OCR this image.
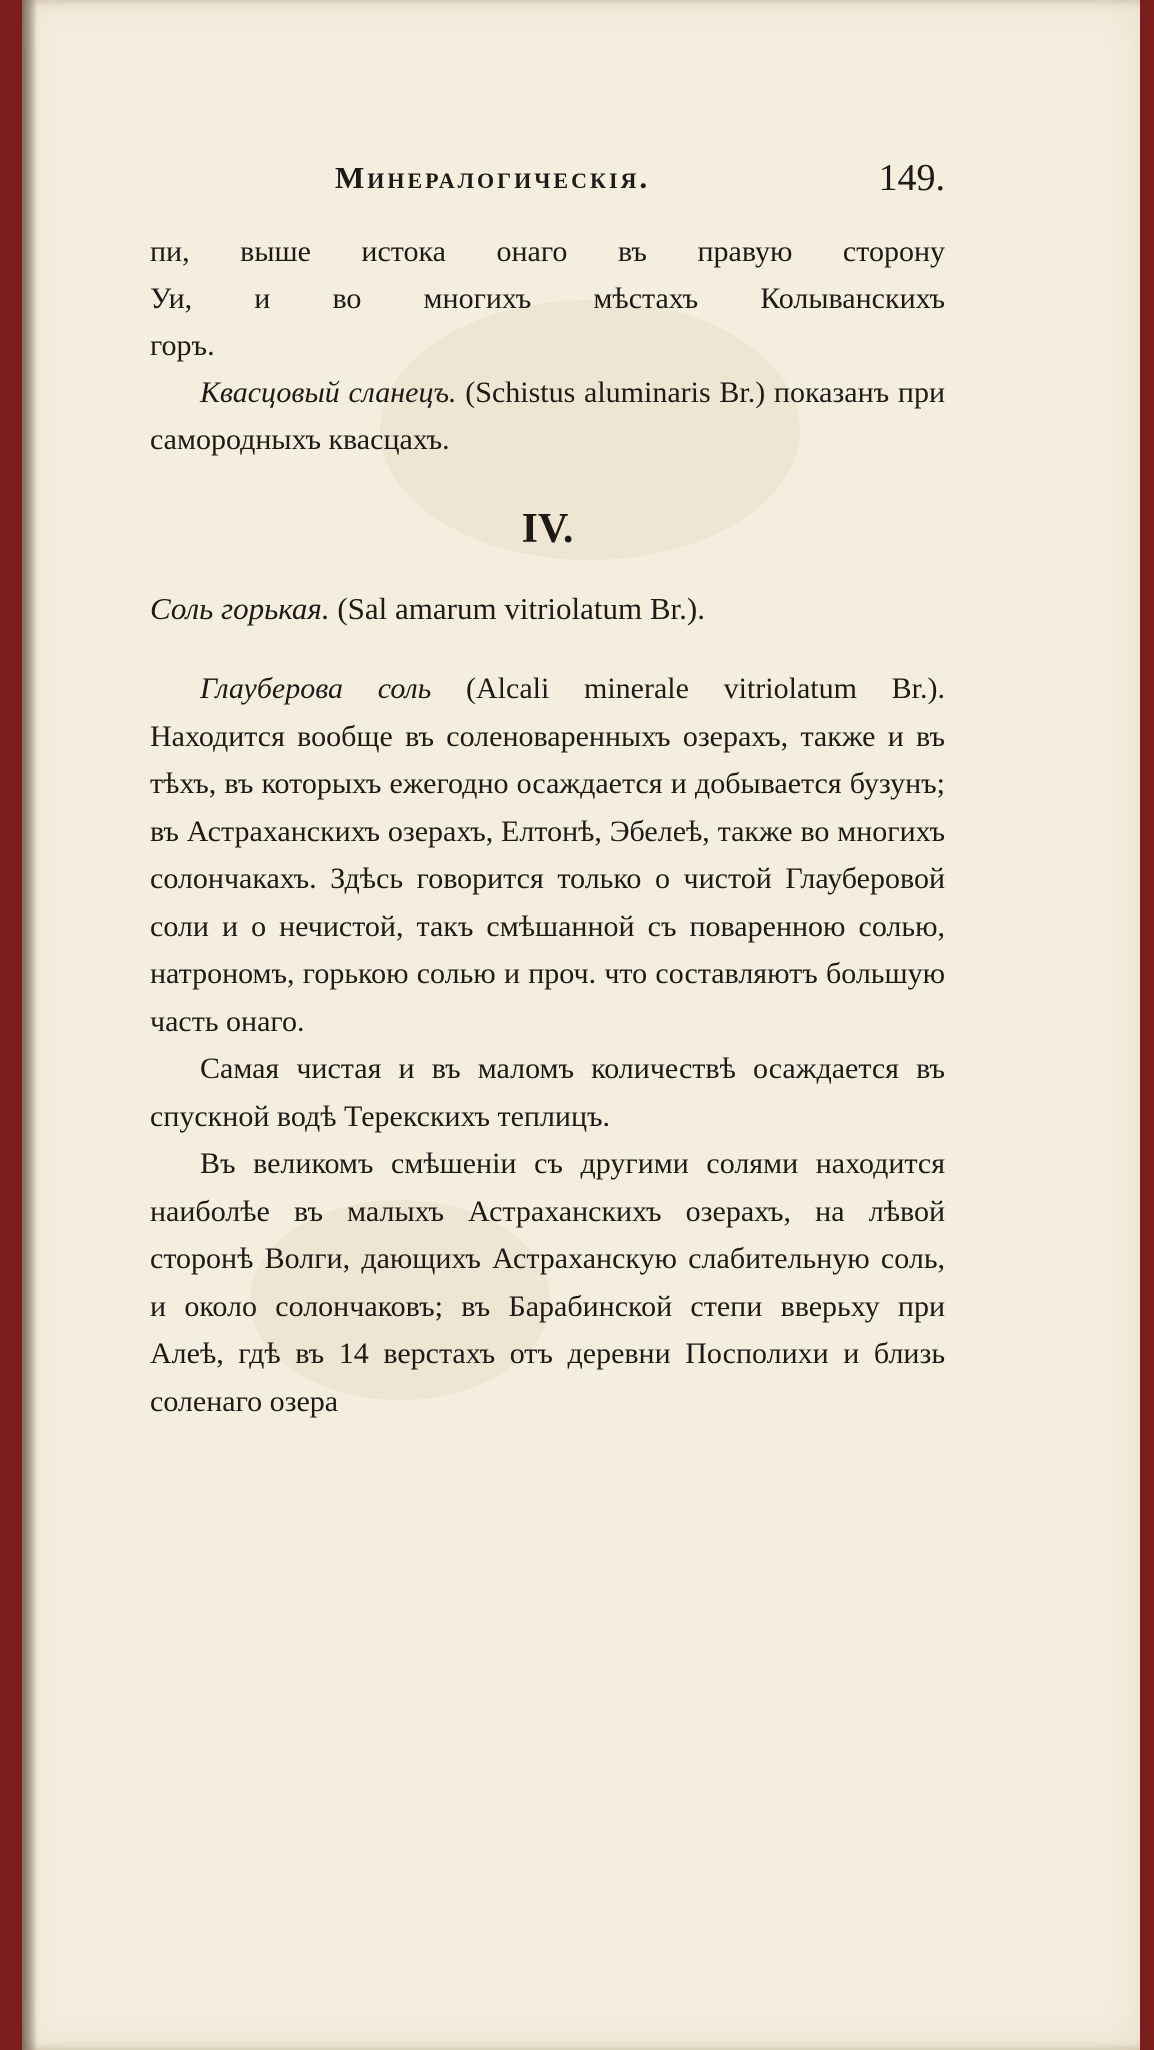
Минералогическія.	149.

пи, выше истока онаго въ правую сторону

Уи, и во многихъ мѣстахъ Колыванскихъ

горъ.

Квасцовый сланецъ. (Schistus aluminaris Br.) показанъ при самородныхъ квасцахъ.

IV.
Соль горькая. (Sal amarum vitriolatum Br.).

Глауберова соль (Alcali minerale vitriolatum Br.). Находится вообще въ соленоваренныхъ озерахъ, также и въ тѣхъ, въ которыхъ ежегодно осаждается и добывается бузунъ; въ Астраханскихъ озерахъ, Елтонѣ, Эбелеѣ, также во многихъ солончакахъ. Здѣсь говорится только о чистой Глауберовой соли и о нечистой, такъ смѣшанной съ поваренною солью, натрономъ, горькою солью и проч. что составляютъ большую часть онаго.

Самая чистая и въ маломъ количествѣ осаждается въ спускной водѣ Терекскихъ теплицъ.

Въ великомъ смѣшеніи съ другими солями находится наиболѣе въ малыхъ Астраханскихъ озерахъ, на лѣвой сторонѣ Волги, дающихъ Астраханскую слабительную соль, и около солончаковъ; въ Барабинской степи вверьху при Алеѣ, гдѣ въ 14 верстахъ отъ деревни Посполихи и близь соленаго озера
